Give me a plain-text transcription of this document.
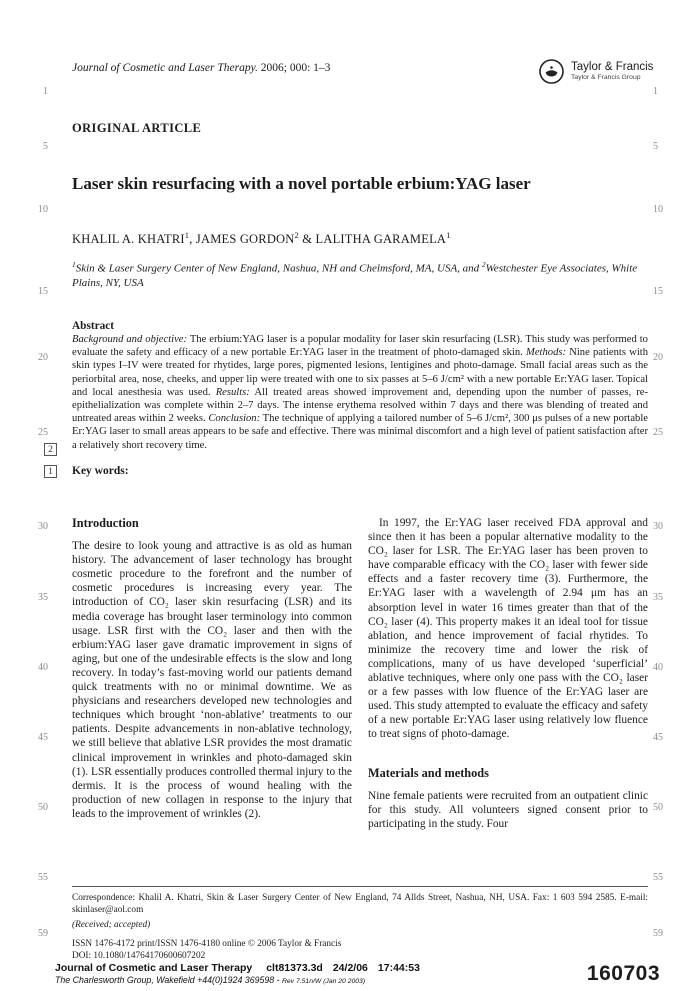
Journal of Cosmetic and Laser Therapy. 2006; 000: 1–3	Taylor & Francis
Taylor & Francis Group
1
5
10
15
20
25
30
35
40
45
50
55
59
1
5
10
15
20
25
30
35
40
45
50
55
59
ORIGINAL ARTICLE
Laser skin resurfacing with a novel portable erbium:YAG laser
KHALIL A. KHATRI$^1$, JAMES GORDON$^2$ & LALITHA GARAMELA$^1$
$^1$Skin & Laser Surgery Center of New England, Nashua, NH and Chelmsford, MA, USA, and $^2$Westchester Eye Associates, White Plains, NY, USA
Abstract

Background and objective: The erbium:YAG laser is a popular modality for laser skin resurfacing (LSR). This study was performed to evaluate the safety and efficacy of a new portable Er:YAG laser in the treatment of photo-damaged skin. Methods: Nine patients with skin types I–IV were treated for rhytides, large pores, pigmented lesions, lentigines and photo-damage. Small facial areas such as the periorbital area, nose, cheeks, and upper lip were treated with one to six passes at 5–6 J/cm² with a new portable Er:YAG laser. Topical and local anesthesia was used. Results: All treated areas showed improvement and, depending upon the number of passes, re-epithelialization was complete within 2–7 days. The intense erythema resolved within 7 days and there was blending of treated and untreated areas within 2 weeks. Conclusion: The technique of applying a tailored number of 5–6 J/cm², 300 μs pulses of a new portable Er:YAG laser to small areas appears to be safe and effective. There was minimal discomfort and a high level of patient satisfaction after a relatively short recovery time.

2
1	Key words:
Introduction

The desire to look young and attractive is as old as human history. The advancement of laser technology has brought cosmetic procedure to the forefront and the number of cosmetic procedures is increasing every year. The introduction of CO₂ laser skin resurfacing (LSR) and its media coverage has brought laser terminology into common usage. LSR first with the CO₂ laser and then with the erbium:YAG laser gave dramatic improvement in signs of aging, but one of the undesirable effects is the slow and long recovery. In today’s fast-moving world our patients demand quick treatments with no or minimal downtime. We as physicians and researchers developed new technologies and techniques which brought ‘non-ablative’ treatments to our patients. Despite advancements in non-ablative technology, we still believe that ablative LSR provides the most dramatic clinical improvement in wrinkles and photo-damaged skin (1). LSR essentially produces controlled thermal injury to the dermis. It is the process of wound healing with the production of new collagen in response to the injury that leads to the improvement of wrinkles (2).

In 1997, the Er:YAG laser received FDA approval and since then it has been a popular alternative modality to the CO₂ laser for LSR. The Er:YAG laser has been proven to have comparable efficacy with the CO₂ laser with fewer side effects and a faster recovery time (3). Furthermore, the Er:YAG laser with a wavelength of 2.94 μm has an absorption level in water 16 times greater than that of the CO₂ laser (4). This property makes it an ideal tool for tissue ablation, and hence improvement of facial rhytides. To minimize the recovery time and lower the risk of complications, many of us have developed ‘superficial’ ablative techniques, where only one pass with the CO₂ laser or a few passes with low fluence of the Er:YAG laser are used. This study attempted to evaluate the efficacy and safety of a new portable Er:YAG laser using relatively low fluence to treat signs of photo-damage.

Materials and methods

Nine female patients were recruited from an outpatient clinic for this study. All volunteers signed consent prior to participating in the study. Four

Correspondence: Khalil A. Khatri, Skin & Laser Surgery Center of New England, 74 Allds Street, Nashua, NH, USA. Fax: 1 603 594 2585. E-mail: skinlaser@aol.com
(Received; accepted)
ISSN 1476-4172 print/ISSN 1476-4180 online © 2006 Taylor & Francis
DOI: 10.1080/14764170600607202
Journal of Cosmetic and Laser Therapy clt81373.3d 24/2/06 17:44:53
The Charlesworth Group, Wakefield +44(0)1924 369598 - Rev 7.51n/W (Jan 20 2003)	160703
